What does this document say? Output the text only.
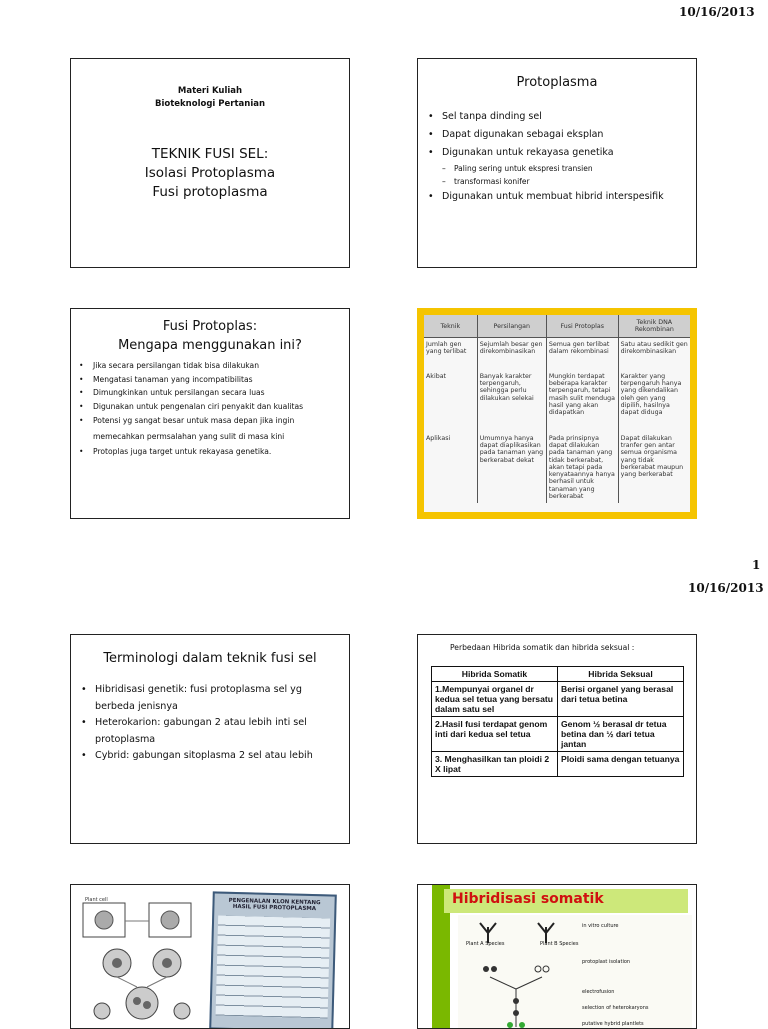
10/16/2013
Materi Kuliah
Bioteknologi Pertanian
TEKNIK FUSI SEL:
Isolasi Protoplasma
Fusi protoplasma
Protoplasma
• Sel tanpa dinding sel
• Dapat digunakan sebagai eksplan
• Digunakan untuk rekayasa genetika
– Paling sering untuk ekspresi transien
– transformasi konifer
• Digunakan untuk membuat hibrid interspesifik
Fusi Protoplas:
Mengapa menggunakan ini?
• Jika secara persilangan tidak bisa dilakukan
• Mengatasi tanaman yang incompatibilitas
• Dimungkinkan untuk persilangan secara luas
• Digunakan untuk pengenalan ciri penyakit dan kualitas
• Potensi yg sangat besar untuk masa depan jika ingin memecahkan permsalahan yang sulit di masa kini
• Protoplas juga target untuk rekayasa genetika.
Teknik	Persilangan	Fusi Protoplas	Teknik DNA Rekombinan
Jumlah gen yang terlibat	Sejumlah besar gen direkombinasikan	Semua gen terlibat dalam rekombinasi	Satu atau sedikit gen direkombinasikan
Akibat	Banyak karakter terpengaruh, sehingga perlu dilakukan selekai	Mungkin terdapat beberapa karakter terpengaruh, tetapi masih sulit menduga hasil yang akan didapatkan	Karakter yang terpengaruh hanya yang dikendalikan oleh gen yang dipilih, hasilnya dapat diduga
Aplikasi	Umumnya hanya dapat diaplikasikan pada tanaman yang berkerabat dekat	Pada prinsipnya dapat dilakukan pada tanaman yang tidak berkerabat, akan tetapi pada kenyataannya hanya berhasil untuk tanaman yang berkerabat	Dapat dilakukan tranfer gen antar semua organisma yang tidak berkerabat maupun yang berkerabat
1
10/16/2013
Terminologi dalam teknik fusi sel
• Hibridisasi genetik: fusi protoplasma sel yg berbeda jenisnya
• Heterokarion: gabungan 2 atau lebih inti sel protoplasma
• Cybrid: gabungan sitoplasma 2 sel atau lebih
Perbedaan Hibrida somatik dan hibrida seksual :
Hibrida Somatik	Hibrida Seksual
1.Mempunyai organel dr kedua sel tetua yang bersatu dalam satu sel	Berisi organel yang berasal dari tetua betina
2.Hasil fusi terdapat genom inti dari kedua sel tetua	Genom ½ berasal dr tetua betina dan ½ dari tetua jantan
3. Menghasilkan tan ploidi 2 X lipat	Ploidi sama dengan tetuanya
Plant cell	PENGENALAN KLON KENTANG HASIL FUSI PROTOPLASMA
Hibridisasi somatik
in vitro culture
Plant A Species	Plant B Species
protoplast isolation
electrofusion
selection of heterokaryons
putative hybrid plantlets
